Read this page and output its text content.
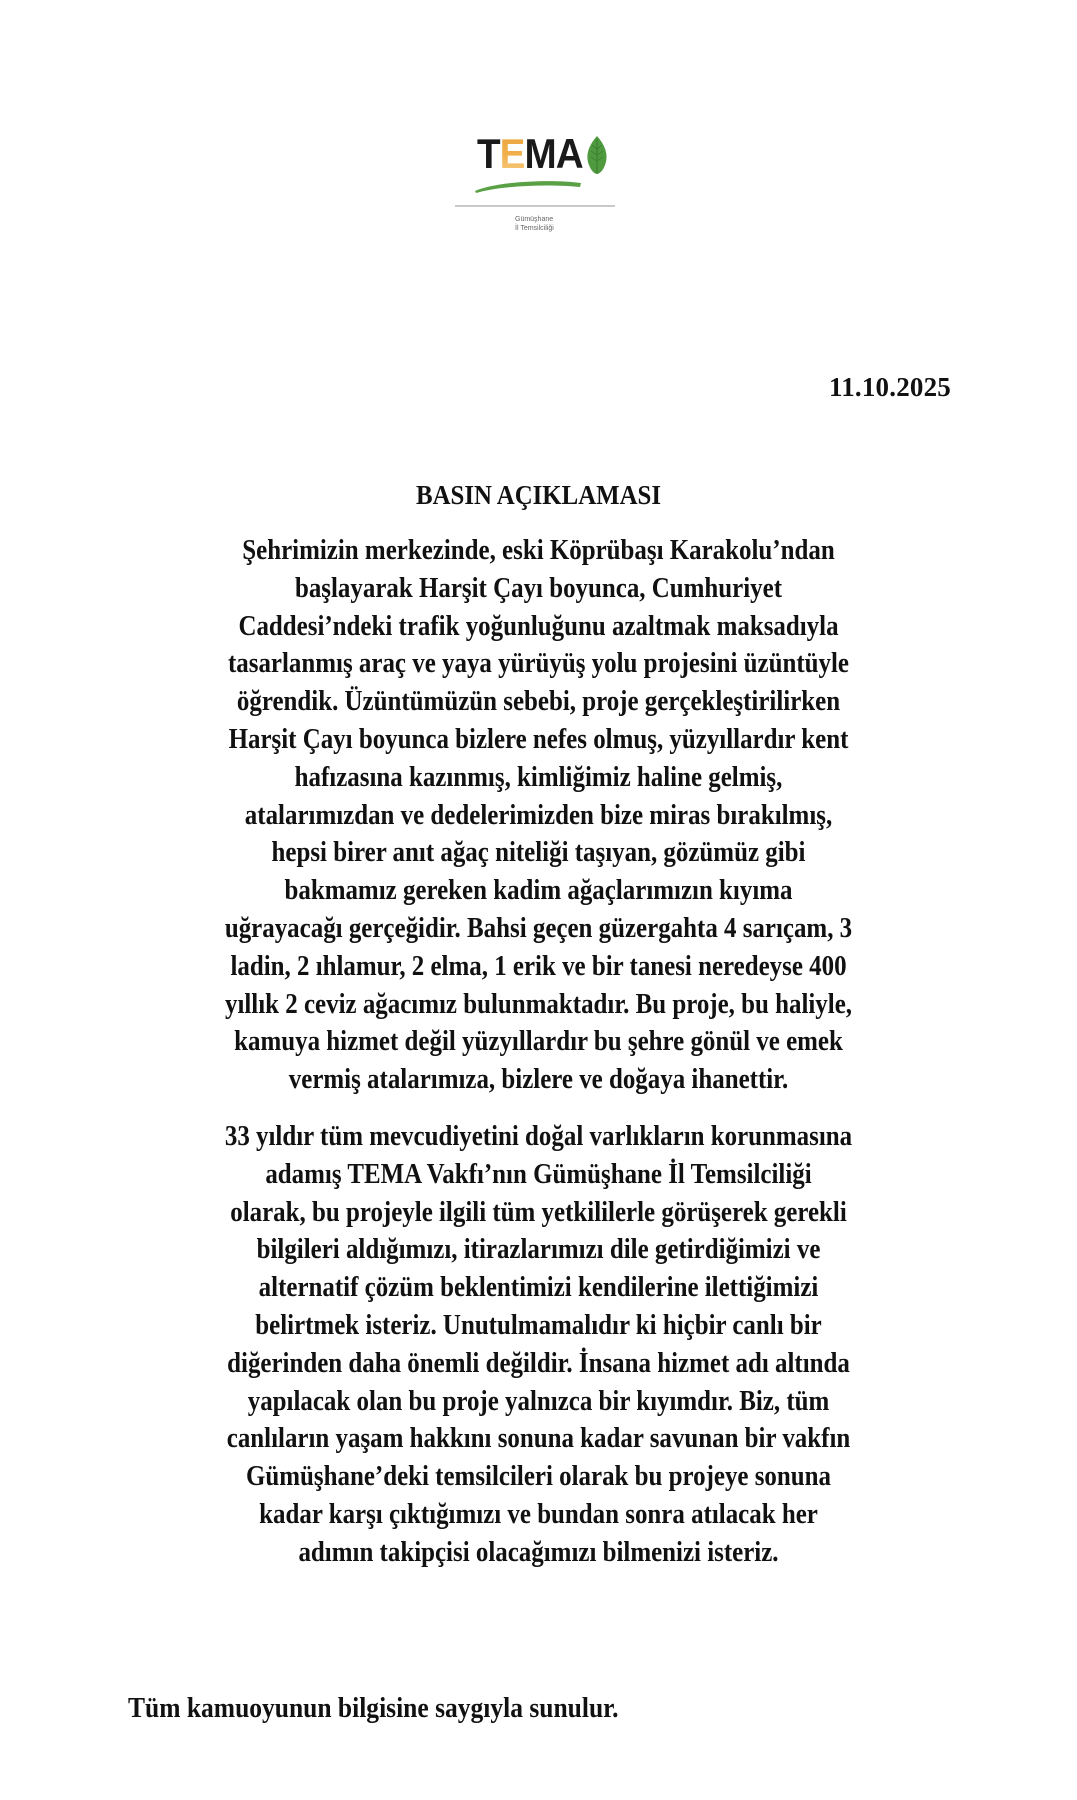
TEMA
Gümüşhane
İl Temsilciliği
11.10.2025
BASIN AÇIKLAMASI
Şehrimizin merkezinde, eski Köprübaşı Karakolu’ndan
başlayarak Harşit Çayı boyunca, Cumhuriyet
Caddesi’ndeki trafik yoğunluğunu azaltmak maksadıyla
tasarlanmış araç ve yaya yürüyüş yolu projesini üzüntüyle
öğrendik. Üzüntümüzün sebebi, proje gerçekleştirilirken
Harşit Çayı boyunca bizlere nefes olmuş, yüzyıllardır kent
hafızasına kazınmış, kimliğimiz haline gelmiş,
atalarımızdan ve dedelerimizden bize miras bırakılmış,
hepsi birer anıt ağaç niteliği taşıyan, gözümüz gibi
bakmamız gereken kadim ağaçlarımızın kıyıma
uğrayacağı gerçeğidir. Bahsi geçen güzergahta 4 sarıçam, 3
ladin, 2 ıhlamur, 2 elma, 1 erik ve bir tanesi neredeyse 400
yıllık 2 ceviz ağacımız bulunmaktadır. Bu proje, bu haliyle,
kamuya hizmet değil yüzyıllardır bu şehre gönül ve emek
vermiş atalarımıza, bizlere ve doğaya ihanettir.
33 yıldır tüm mevcudiyetini doğal varlıkların korunmasına
adamış TEMA Vakfı’nın Gümüşhane İl Temsilciliği
olarak, bu projeyle ilgili tüm yetkililerle görüşerek gerekli
bilgileri aldığımızı, itirazlarımızı dile getirdiğimizi ve
alternatif çözüm beklentimizi kendilerine ilettiğimizi
belirtmek isteriz. Unutulmamalıdır ki hiçbir canlı bir
diğerinden daha önemli değildir. İnsana hizmet adı altında
yapılacak olan bu proje yalnızca bir kıyımdır. Biz, tüm
canlıların yaşam hakkını sonuna kadar savunan bir vakfın
Gümüşhane’deki temsilcileri olarak bu projeye sonuna
kadar karşı çıktığımızı ve bundan sonra atılacak her
adımın takipçisi olacağımızı bilmenizi isteriz.
Tüm kamuoyunun bilgisine saygıyla sunulur.
